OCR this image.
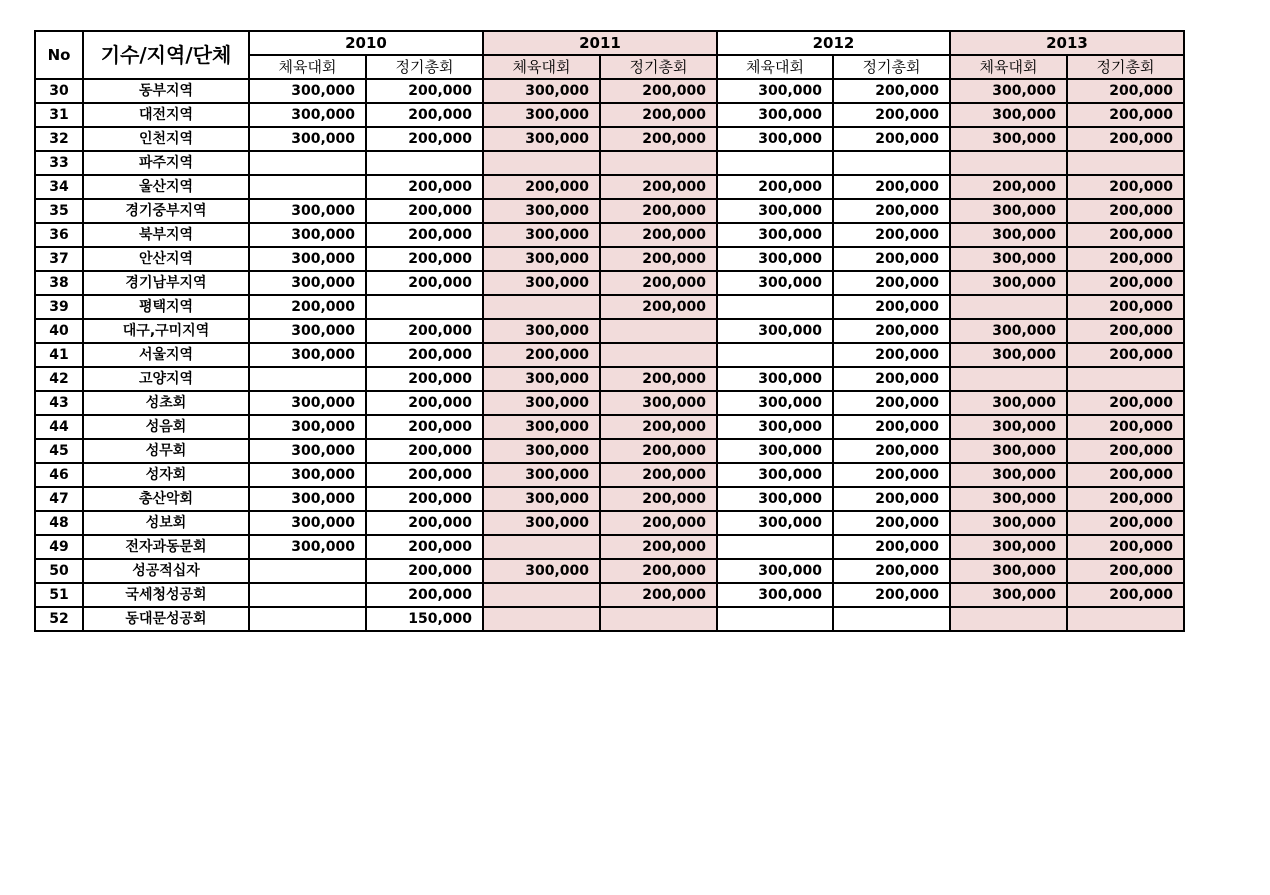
No	기수/지역/단체	2010		2011		2012		2013	
		체육대회	정기총회	체육대회	정기총회	체육대회	정기총회	체육대회	정기총회
30	동부지역	300,000	200,000	300,000	200,000	300,000	200,000	300,000	200,000
31	대전지역	300,000	200,000	300,000	200,000	300,000	200,000	300,000	200,000
32	인천지역	300,000	200,000	300,000	200,000	300,000	200,000	300,000	200,000
33	파주지역								
34	울산지역		200,000	200,000	200,000	200,000	200,000	200,000	200,000
35	경기중부지역	300,000	200,000	300,000	200,000	300,000	200,000	300,000	200,000
36	북부지역	300,000	200,000	300,000	200,000	300,000	200,000	300,000	200,000
37	안산지역	300,000	200,000	300,000	200,000	300,000	200,000	300,000	200,000
38	경기남부지역	300,000	200,000	300,000	200,000	300,000	200,000	300,000	200,000
39	평택지역	200,000			200,000		200,000		200,000
40	대구,구미지역	300,000	200,000	300,000		300,000	200,000	300,000	200,000
41	서울지역	300,000	200,000	200,000			200,000	300,000	200,000
42	고양지역		200,000	300,000	200,000	300,000	200,000		
43	성초회	300,000	200,000	300,000	300,000	300,000	200,000	300,000	200,000
44	성음회	300,000	200,000	300,000	200,000	300,000	200,000	300,000	200,000
45	성무회	300,000	200,000	300,000	200,000	300,000	200,000	300,000	200,000
46	성자회	300,000	200,000	300,000	200,000	300,000	200,000	300,000	200,000
47	총산악회	300,000	200,000	300,000	200,000	300,000	200,000	300,000	200,000
48	성보회	300,000	200,000	300,000	200,000	300,000	200,000	300,000	200,000
49	전자과동문회	300,000	200,000		200,000		200,000	300,000	200,000
50	성공적십자		200,000	300,000	200,000	300,000	200,000	300,000	200,000
51	국세청성공회		200,000		200,000	300,000	200,000	300,000	200,000
52	동대문성공회		150,000						
